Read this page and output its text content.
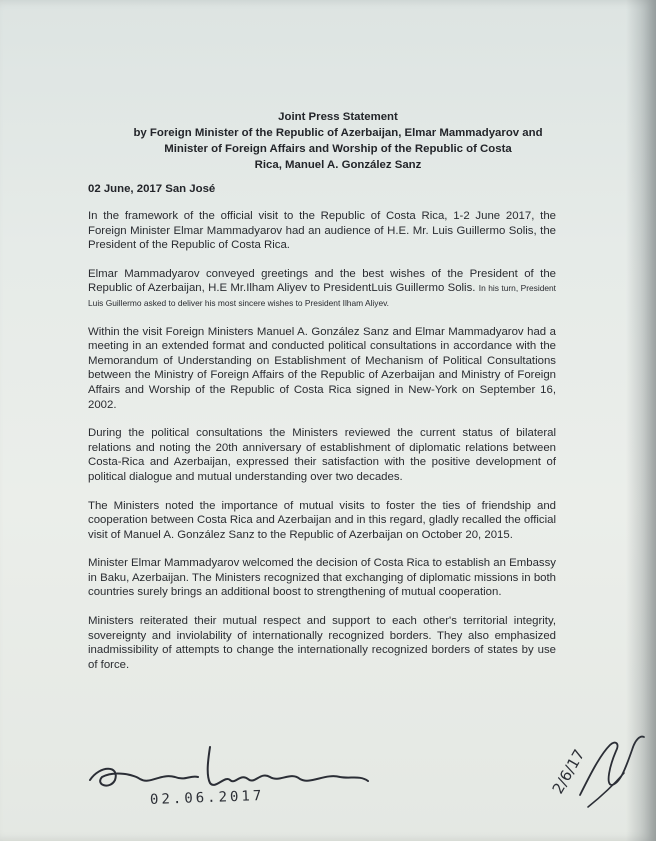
Joint Press Statement
by Foreign Minister of the Republic of Azerbaijan, Elmar Mammadyarov and
Minister of Foreign Affairs and Worship of the Republic of Costa
Rica, Manuel A. González Sanz
02 June, 2017 San José

In the framework of the official visit to the Republic of Costa Rica, 1-2 June 2017, the Foreign Minister Elmar Mammadyarov had an audience of H.E. Mr. Luis Guillermo Solis, the President of the Republic of Costa Rica.

Elmar Mammadyarov conveyed greetings and the best wishes of the President of the Republic of Azerbaijan, H.E Mr.Ilham Aliyev to PresidentLuis Guillermo Solis. In his turn, President Luis Guillermo asked to deliver his most sincere wishes to President Ilham Aliyev.

Within the visit Foreign Ministers Manuel A. González Sanz and Elmar Mammadyarov had a meeting in an extended format and conducted political consultations in accordance with the Memorandum of Understanding on Establishment of Mechanism of Political Consultations between the Ministry of Foreign Affairs of the Republic of Azerbaijan and Ministry of Foreign Affairs and Worship of the Republic of Costa Rica signed in New-York on September 16, 2002.

During the political consultations the Ministers reviewed the current status of bilateral relations and noting the 20th anniversary of establishment of diplomatic relations between Costa-Rica and Azerbaijan, expressed their satisfaction with the positive development of political dialogue and mutual understanding over two decades.

The Ministers noted the importance of mutual visits to foster the ties of friendship and cooperation between Costa Rica and Azerbaijan and in this regard, gladly recalled the official visit of Manuel A. González Sanz to the Republic of Azerbaijan on October 20, 2015.

Minister Elmar Mammadyarov welcomed the decision of Costa Rica to establish an Embassy in Baku, Azerbaijan. The Ministers recognized that exchanging of diplomatic missions in both countries surely brings an additional boost to strengthening of mutual cooperation.

Ministers reiterated their mutual respect and support to each other's territorial integrity, sovereignty and inviolability of internationally recognized borders. They also emphasized inadmissibility of attempts to change the internationally recognized borders of states by use of force.

02.06.2017
2/6/17
